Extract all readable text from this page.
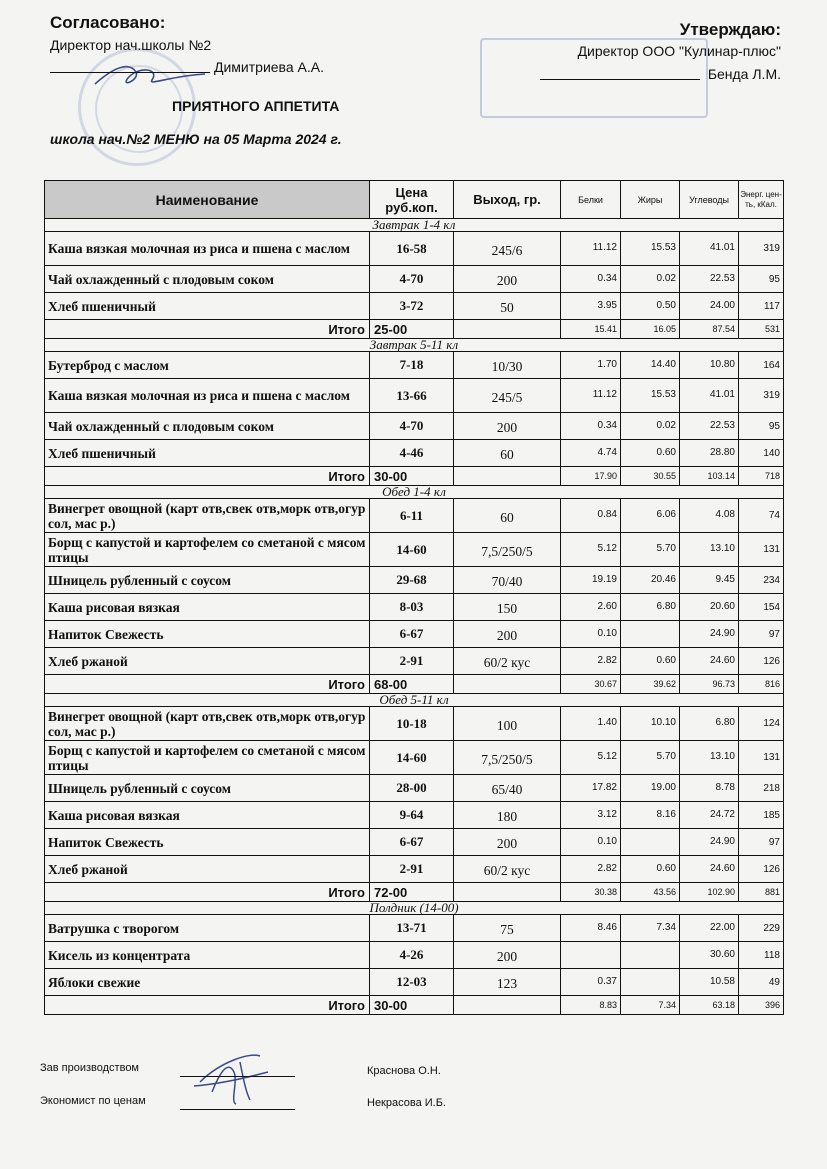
Согласовано:
Директор нач.школы №2
Димитриева А.А.
Утверждаю:
Директор ООО "Кулинар-плюс"
Бенда Л.М.
ПРИЯТНОГО АППЕТИТА
школа нач.№2 МЕНЮ на 05 Марта 2024 г.
Наименование	Цена руб.коп.	Выход, гр.	Белки	Жиры	Углеводы	Энерг. цен-ть, кКал.
Завтрак 1-4 кл						
Каша вязкая молочная из риса и пшена с маслом	16-58	245/6	11.12	15.53	41.01	319
Чай охлажденный с плодовым соком	4-70	200	0.34	0.02	22.53	95
Хлеб пшеничный	3-72	50	3.95	0.50	24.00	117
Итого	25-00		15.41	16.05	87.54	531
Завтрак 5-11 кл						
Бутерброд с маслом	7-18	10/30	1.70	14.40	10.80	164
Каша вязкая молочная из риса и пшена с маслом	13-66	245/5	11.12	15.53	41.01	319
Чай охлажденный с плодовым соком	4-70	200	0.34	0.02	22.53	95
Хлеб пшеничный	4-46	60	4.74	0.60	28.80	140
Итого	30-00		17.90	30.55	103.14	718
Обед 1-4 кл						
Винегрет овощной (карт отв,свек отв,морк отв,огур сол, мас р.)	6-11	60	0.84	6.06	4.08	74
Борщ с капустой и картофелем со сметаной с мясом птицы	14-60	7,5/250/5	5.12	5.70	13.10	131
Шницель рубленный с соусом	29-68	70/40	19.19	20.46	9.45	234
Каша рисовая вязкая	8-03	150	2.60	6.80	20.60	154
Напиток Свежесть	6-67	200	0.10		24.90	97
Хлеб ржаной	2-91	60/2 кус	2.82	0.60	24.60	126
Итого	68-00		30.67	39.62	96.73	816
Обед 5-11 кл						
Винегрет овощной (карт отв,свек отв,морк отв,огур сол, мас р.)	10-18	100	1.40	10.10	6.80	124
Борщ с капустой и картофелем со сметаной с мясом птицы	14-60	7,5/250/5	5.12	5.70	13.10	131
Шницель рубленный с соусом	28-00	65/40	17.82	19.00	8.78	218
Каша рисовая вязкая	9-64	180	3.12	8.16	24.72	185
Напиток Свежесть	6-67	200	0.10		24.90	97
Хлеб ржаной	2-91	60/2 кус	2.82	0.60	24.60	126
Итого	72-00		30.38	43.56	102.90	881
Полдник (14-00)						
Ватрушка с творогом	13-71	75	8.46	7.34	22.00	229
Кисель из концентрата	4-26	200			30.60	118
Яблоки свежие	12-03	123	0.37		10.58	49
Итого	30-00		8.83	7.34	63.18	396
Зав производством	Краснова О.Н.
Экономист по ценам	Некрасова И.Б.
